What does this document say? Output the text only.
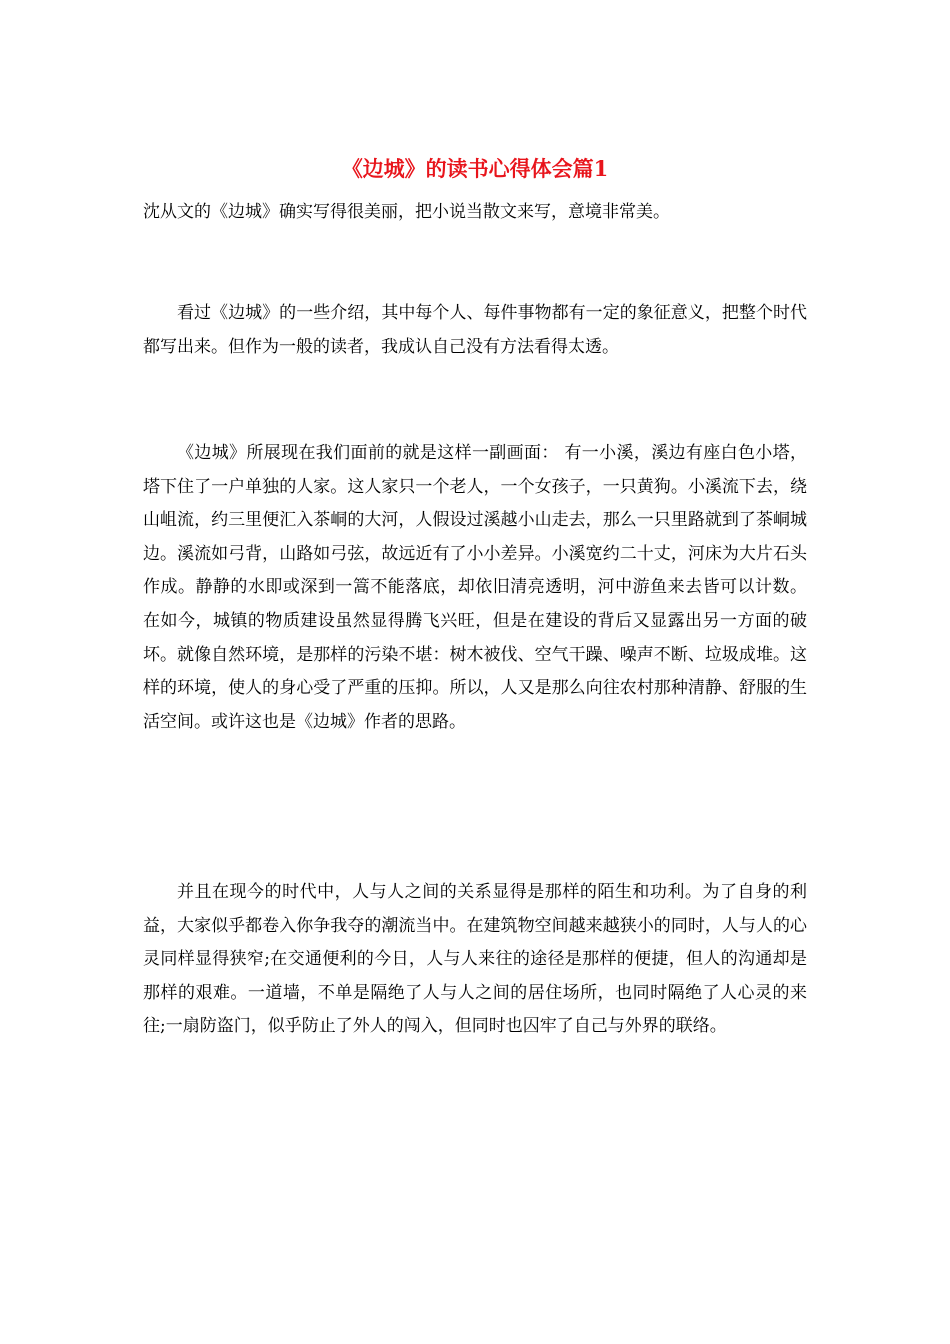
《边城》的读书心得体会篇1

沈从文的《边城》确实写得很美丽，把小说当散文来写，意境非常美。

看过《边城》的一些介绍，其中每个人、每件事物都有一定的象征意义，把整个时代都写出来。但作为一般的读者，我成认自己没有方法看得太透。

《边城》所展现在我们面前的就是这样一副画面： 有一小溪，溪边有座白色小塔，塔下住了一户单独的人家。这人家只一个老人，一个女孩子，一只黄狗。小溪流下去，绕山岨流，约三里便汇入茶峒的大河，人假设过溪越小山走去，那么一只里路就到了茶峒城边。溪流如弓背，山路如弓弦，故远近有了小小差异。小溪宽约二十丈，河床为大片石头作成。静静的水即或深到一篙不能落底，却依旧清亮透明，河中游鱼来去皆可以计数。 在如今，城镇的物质建设虽然显得腾飞兴旺，但是在建设的背后又显露出另一方面的破坏。就像自然环境，是那样的污染不堪：树木被伐、空气干躁、噪声不断、垃圾成堆。这样的环境，使人的身心受了严重的压抑。所以，人又是那么向往农村那种清静、舒服的生活空间。或许这也是《边城》作者的思路。

并且在现今的时代中，人与人之间的关系显得是那样的陌生和功利。为了自身的利益，大家似乎都卷入你争我夺的潮流当中。在建筑物空间越来越狭小的同时，人与人的心灵同样显得狭窄;在交通便利的今日，人与人来往的途径是那样的便捷，但人的沟通却是那样的艰难。一道墙，不单是隔绝了人与人之间的居住场所，也同时隔绝了人心灵的来往;一扇防盗门，似乎防止了外人的闯入，但同时也囚牢了自己与外界的联络。
